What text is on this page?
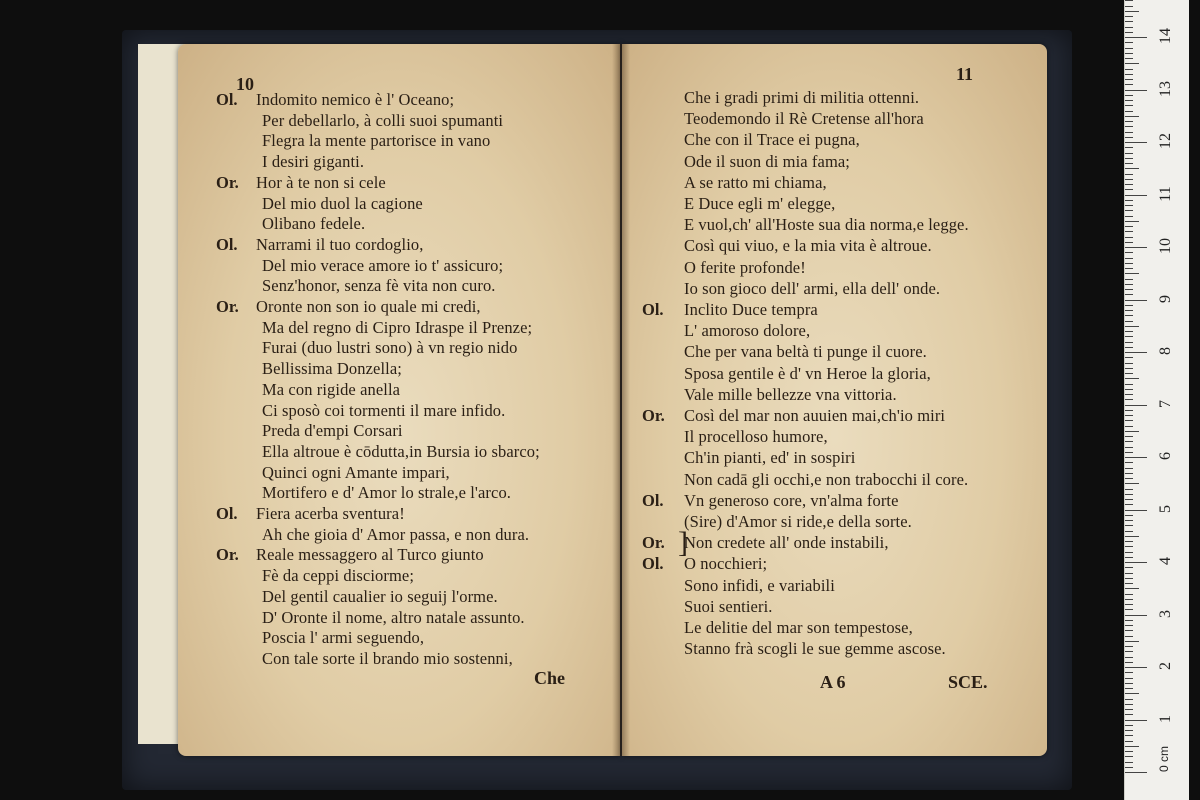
10
Che
Ol. Indomito nemico è l' Oceano;
Per debellarlo, à colli suoi spumanti
Flegra la mente partorisce in vano
I desiri giganti.
Or. Hor à te non si cele
Del mio duol la cagione
Olibano fedele.
Ol. Narrami il tuo cordoglio,
Del mio verace amore io t' assicuro;
Senz'honor, senza fè vita non curo.
Or. Oronte non son io quale mi credi,
Ma del regno di Cipro Idraspe il Prenze;
Furai (duo lustri sono) à vn regio nido
Bellissima Donzella;
Ma con rigide anella
Ci sposò coi tormenti il mare infido.
Preda d'empi Corsari
Ella altroue è cōdutta,in Bursia io sbarco;
Quinci ogni Amante impari,
Mortifero e d' Amor lo strale,e l'arco.
Ol. Fiera acerba sventura!
Ah che gioia d' Amor passa, e non dura.
Or. Reale messaggero al Turco giunto
Fè da ceppi disciorme;
Del gentil caualier io seguij l'orme.
D' Oronte il nome, altro natale assunto.
Poscia l' armi seguendo,
Con tale sorte il brando mio sostenni,
11
]
A 6	SCE.
Che i gradi primi di militia ottenni.
Teodemondo il Rè Cretense all'hora
Che con il Trace ei pugna,
Ode il suon di mia fama;
A se ratto mi chiama,
E Duce egli m' elegge,
E vuol,ch' all'Hoste sua dia norma,e legge.
Così qui viuo, e la mia vita è altroue.
O ferite profonde!
Io son gioco dell' armi, ella dell' onde.
Ol. Inclito Duce tempra
L' amoroso dolore,
Che per vana beltà ti punge il cuore.
Sposa gentile è d' vn Heroe la gloria,
Vale mille bellezze vna vittoria.
Or. Così del mar non auuien mai,ch'io miri
Il procelloso humore,
Ch'in pianti, ed' in sospiri
Non cadā gli occhi,e non trabocchi il core.
Ol. Vn generoso core, vn'alma forte
(Sire) d'Amor si ride,e della sorte.
Or. Non credete all' onde instabili,
Ol. O nocchieri;
Sono infidi, e variabili
Suoi sentieri.
Le delitie del mar son tempestose,
Stanno frà scogli le sue gemme ascose.
0 cm
1
2
3
4
5
6
7
8
9
10
11
12
13
14
